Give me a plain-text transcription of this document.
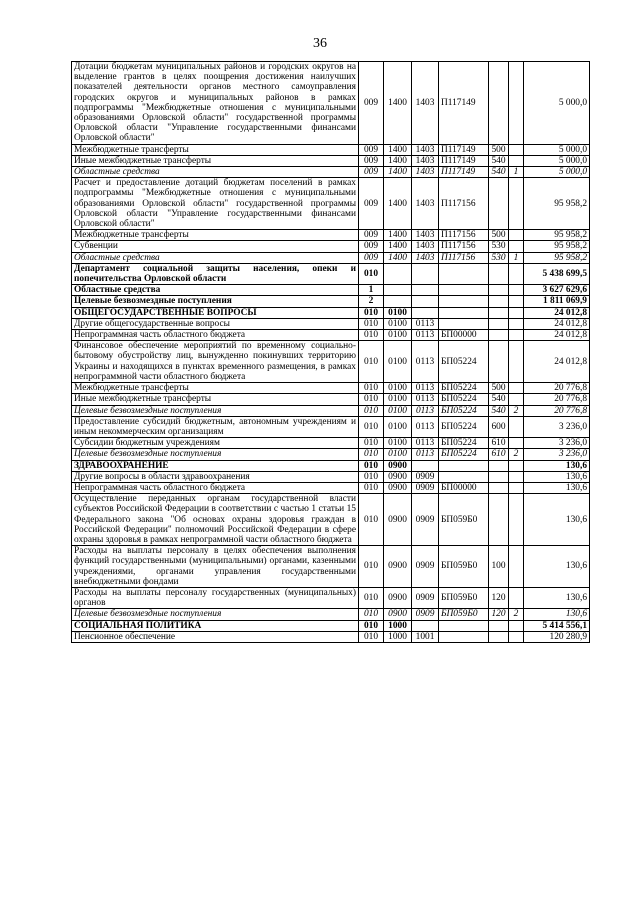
36
Дотации бюджетам муниципальных районов и городских округов на выделение грантов в целях поощрения достижения наилучших показателей деятельности органов местного самоуправления городских округов и муниципальных районов в рамках подпрограммы "Межбюджетные отношения с муниципальными образованиями Орловской области" государственной программы Орловской области "Управление государственными финансами Орловской области"	009	1400	1403	П117149			5 000,0
Межбюджетные трансферты	009	1400	1403	П117149	500		5 000,0
Иные межбюджетные трансферты	009	1400	1403	П117149	540		5 000,0
Областные средства	009	1400	1403	П117149	540	1	5 000,0
Расчет и предоставление дотаций бюджетам поселений в рамках подпрограммы "Межбюджетные отношения с муниципальными образованиями Орловской области" государственной программы Орловской области "Управление государственными финансами Орловской области"	009	1400	1403	П117156			95 958,2
Межбюджетные трансферты	009	1400	1403	П117156	500		95 958,2
Субвенции	009	1400	1403	П117156	530		95 958,2
Областные средства	009	1400	1403	П117156	530	1	95 958,2
Департамент социальной защиты населения, опеки и попечительства Орловской области	010						5 438 699,5
Областные средства	1						3 627 629,6
Целевые безвозмездные поступления	2						1 811 069,9
ОБЩЕГОСУДАРСТВЕННЫЕ ВОПРОСЫ	010	0100					24 012,8
Другие общегосударственные вопросы	010	0100	0113				24 012,8
Непрограммная часть областного бюджета	010	0100	0113	БП00000			24 012,8
Финансовое обеспечение мероприятий по временному социально-бытовому обустройству лиц, вынужденно покинувших территорию Украины и находящихся в пунктах временного размещения, в рамках непрограммной части областного бюджета	010	0100	0113	БП05224			24 012,8
Межбюджетные трансферты	010	0100	0113	БП05224	500		20 776,8
Иные межбюджетные трансферты	010	0100	0113	БП05224	540		20 776,8
Целевые безвозмездные поступления	010	0100	0113	БП05224	540	2	20 776,8
Предоставление субсидий бюджетным, автономным учреждениям и иным некоммерческим организациям	010	0100	0113	БП05224	600		3 236,0
Субсидии бюджетным учреждениям	010	0100	0113	БП05224	610		3 236,0
Целевые безвозмездные поступления	010	0100	0113	БП05224	610	2	3 236,0
ЗДРАВООХРАНЕНИЕ	010	0900					130,6
Другие вопросы в области здравоохранения	010	0900	0909				130,6
Непрограммная часть областного бюджета	010	0900	0909	БП00000			130,6
Осуществление переданных органам государственной власти субъектов Российской Федерации в соответствии с частью 1 статьи 15 Федерального закона "Об основах охраны здоровья граждан в Российской Федерации" полномочий Российской Федерации в сфере охраны здоровья в рамках непрограммной части областного бюджета	010	0900	0909	БП059Б0			130,6
Расходы на выплаты персоналу в целях обеспечения выполнения функций государственными (муниципальными) органами, казенными учреждениями, органами управления государственными внебюджетными фондами	010	0900	0909	БП059Б0	100		130,6
Расходы на выплаты персоналу государственных (муниципальных) органов	010	0900	0909	БП059Б0	120		130,6
Целевые безвозмездные поступления	010	0900	0909	БП059Б0	120	2	130,6
СОЦИАЛЬНАЯ ПОЛИТИКА	010	1000					5 414 556,1
Пенсионное обеспечение	010	1000	1001				120 280,9
